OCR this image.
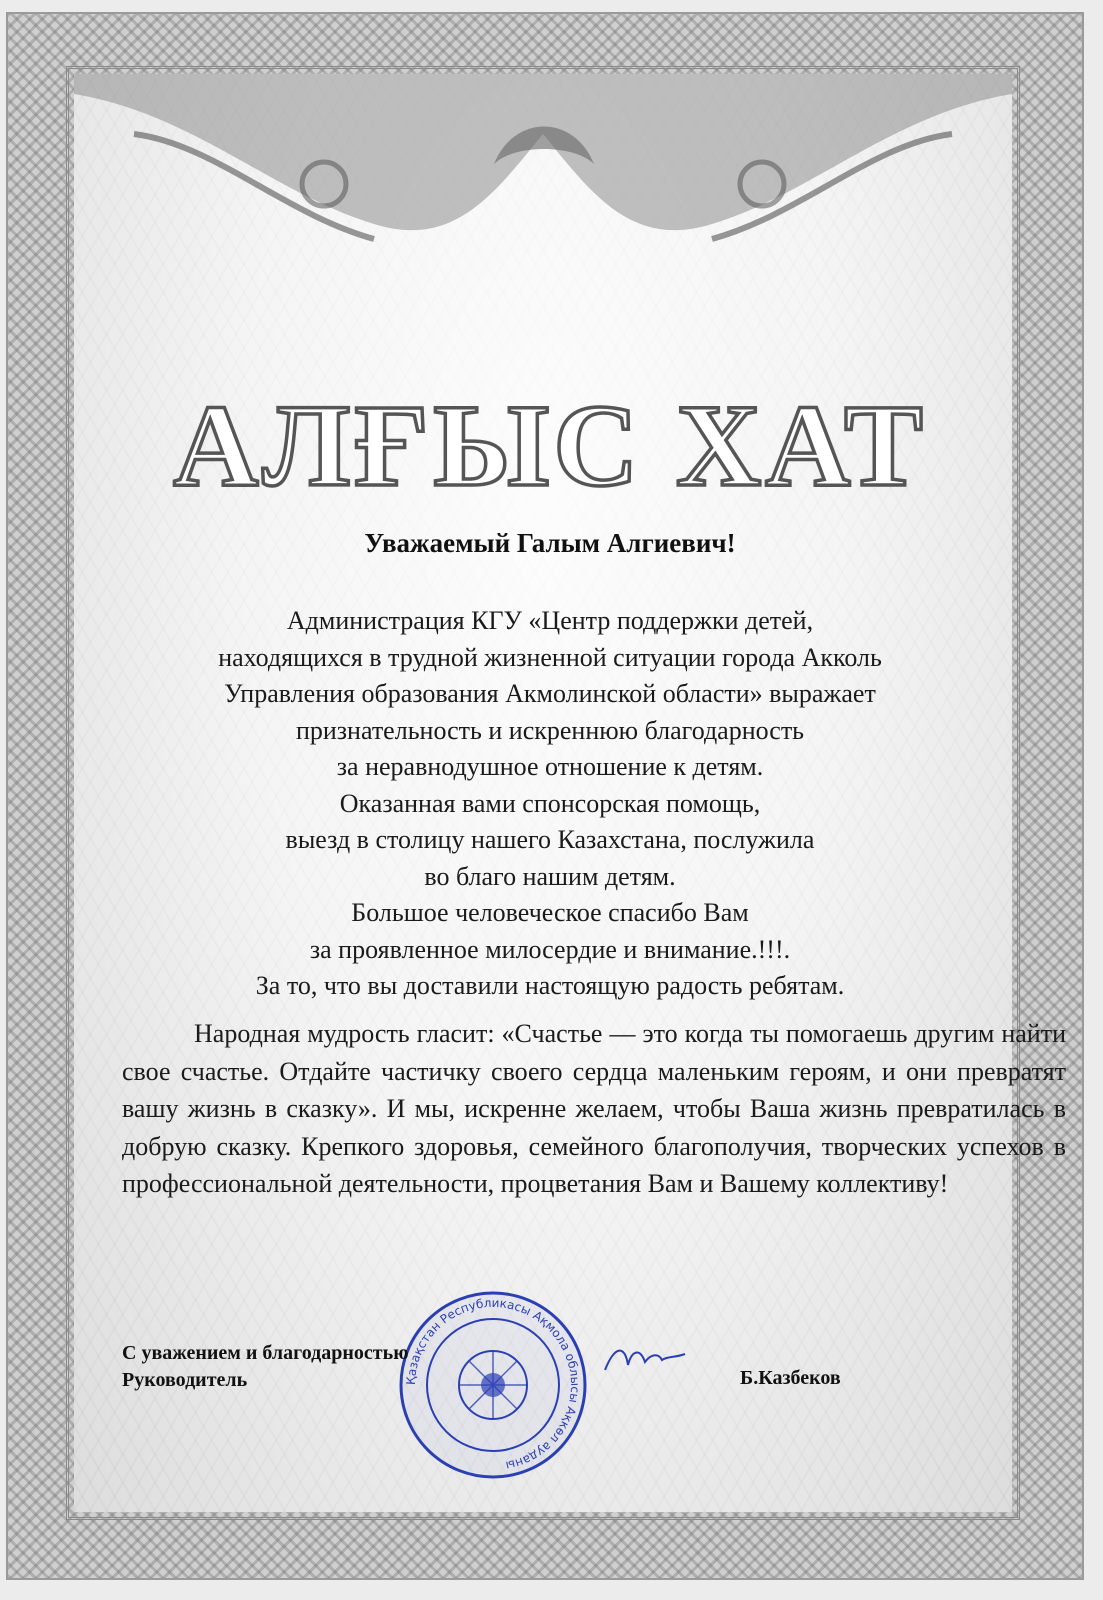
АЛҒЫС ХАТ
Уважаемый Галым Алгиевич!
Администрация КГУ «Центр поддержки детей,
находящихся в трудной жизненной ситуации города Акколь
Управления образования Акмолинской области» выражает
признательность и искреннюю благодарность
за неравнодушное отношение к детям.
Оказанная вами спонсорская помощь,
выезд в столицу нашего Казахстана, послужила
во благо нашим детям.
Большое человеческое спасибо Вам
за проявленное милосердие и внимание.!!!.
За то, что вы доставили настоящую радость ребятам.
Народная мудрость гласит: «Счастье — это когда ты помогаешь другим найти свое счастье. Отдайте частичку своего сердца маленьким героям, и они превратят вашу жизнь в сказку». И мы, искренне желаем, чтобы Ваша жизнь превратилась в добрую сказку. Крепкого здоровья, семейного благополучия, творческих успехов в профессиональной деятельности, процветания Вам и Вашему коллективу!
Қазақстан Республикасы Ақмола облысы Ақкөл ауданы
С уважением и благодарностью
Руководитель	Б.Казбеков
